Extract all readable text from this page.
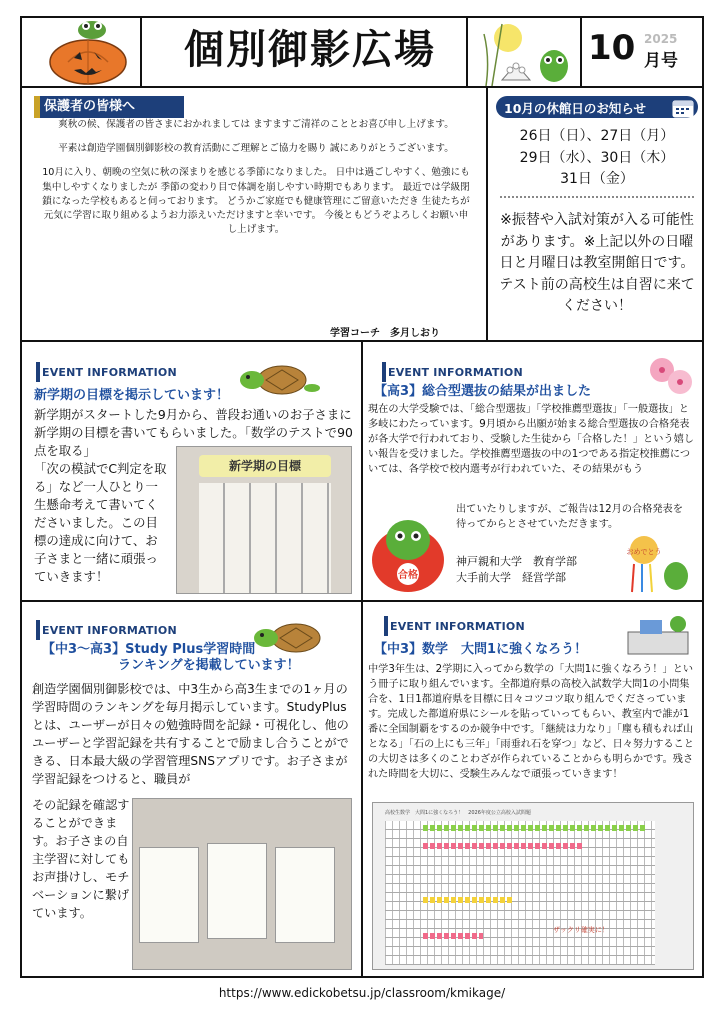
個別御影広場	10 2025
月号
保護者の皆様へ

爽秋の候、保護者の皆さまにおかれましては ますますご清祥のこととお喜び申し上げます。

平素は創造学園個別御影校の教育活動にご理解とご協力を賜り 誠にありがとうございます。

10月に入り、朝晩の空気に秋の深まりを感じる季節になりました。 日中は過ごしやすく、勉強にも集中しやすくなりましたが 季節の変わり目で体調を崩しやすい時期でもあります。 最近では学級閉鎖になった学校もあると伺っております。 どうかご家庭でも健康管理にご留意いただき 生徒たちが元気に学習に取り組めるようお力添えいただけますと幸いです。 今後ともどうぞよろしくお願い申し上げます。

学習コーチ　多月しおり
10月の休館日のお知らせ
26日（日）、27日（月）
29日（水）、30日（木）
31日（金）
※振替や入試対策が入る可能性があります。※上記以外の日曜日と月曜日は教室開館日です。テスト前の高校生は自習に来てください！
EVENT INFORMATION
新学期の目標を掲示しています！
新学期がスタートした9月から、普段お通いのお子さまに新学期の目標を書いてもらいました。「数学のテストで90点を取る」
「次の模試でC判定を取る」など一人ひとり一生懸命考えて書いてくださいました。この目標の達成に向けて、お子さまと一緒に頑張っていきます！
新学期の目標
EVENT INFORMATION
【高3】総合型選抜の結果が出ました
現在の大学受験では、「総合型選抜」「学校推薦型選抜」「一般選抜」と多岐にわたっています。9月頃から出願が始まる総合型選抜の合格発表が各大学で行われており、受験した生徒から「合格した！」という嬉しい報告を受けました。学校推薦型選抜の中の1つである指定校推薦については、各学校で校内選考が行われていた、その結果がもう
出ていたりしますが、ご報告は12月の合格発表を待ってからとさせていただきます。
合格
神戸親和大学　教育学部
大手前大学　経営学部
おめでとう
EVENT INFORMATION
【中3～高3】Study Plus学習時間
ランキングを掲載しています！
創造学園個別御影校では、中3生から高3生までの1ヶ月の学習時間のランキングを毎月掲示しています。StudyPlusとは、ユーザーが日々の勉強時間を記録・可視化し、他のユーザーと学習記録を共有することで励まし合うことができる、日本最大級の学習管理SNSアプリです。お子さまが学習記録をつけると、職員が
その記録を確認することができます。お子さまの自主学習に対してもお声掛けし、モチベーションに繋げています。
EVENT INFORMATION
【中3】数学　大問1に強くなろう！
中学3年生は、2学期に入ってから数学の「大問1に強くなろう！」という冊子に取り組んでいます。全都道府県の高校入試数学大問1の小問集合を、1日1都道府県を目標に日々コツコツ取り組んでくださっています。完成した都道府県にシールを貼っていってもらい、教室内で誰が1番に全国制覇をするのか競争中です。「継続は力なり」「塵も積もれば山となる」「石の上にも三年」「雨垂れ石を穿つ」など、日々努力することの大切さは多くのことわざが作られていることからも明らかです。残された時間を大切に、受験生みんなで頑張っていきます！
高校生数学　大問1に強くなろう！　2026年度公立高校入試問題
ザックリ確実に！
https://www.edickobetsu.jp/classroom/kmikage/
